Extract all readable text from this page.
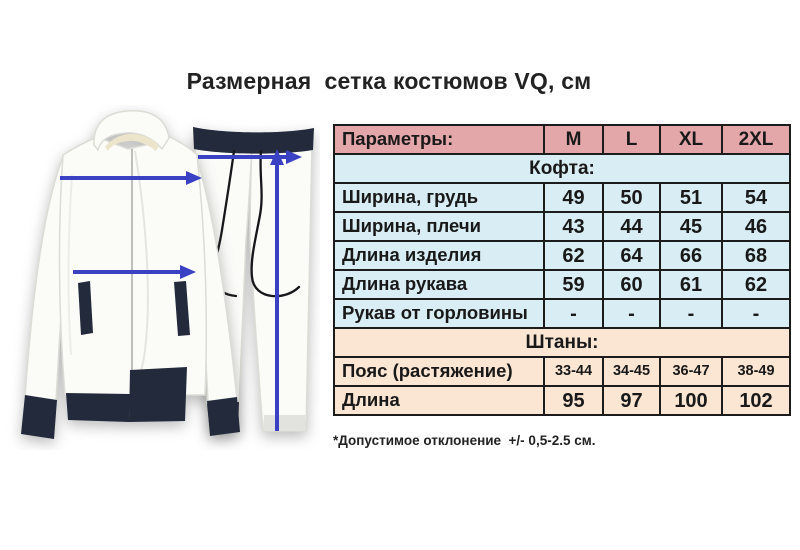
Размерная  сетка костюмов VQ, см
Параметры:	M	L	XL	2XL
Кофта:				
Ширина, грудь	49	50	51	54
Ширина, плечи	43	44	45	46
Длина изделия	62	64	66	68
Длина рукава	59	60	61	62
Рукав от горловины	-	-	-	-
Штаны:				
Пояс (растяжение)	33-44	34-45	36-47	38-49
Длина	95	97	100	102
*Допустимое отклонение  +/- 0,5-2.5 см.
